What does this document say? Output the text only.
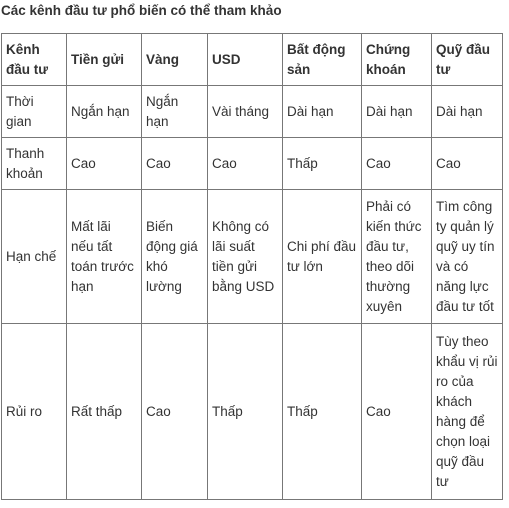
Các kênh đầu tư phổ biến có thể tham khảo
Kênh đầu tư	Tiền gửi	Vàng	USD	Bất động sản	Chứng khoán	Quỹ đầu tư
Thời gian	Ngắn hạn	Ngắn hạn	Vài tháng	Dài hạn	Dài hạn	Dài hạn
Thanh khoản	Cao	Cao	Cao	Thấp	Cao	Cao
Hạn chế	Mất lãi nếu tất toán trước hạn	Biến động giá khó lường	Không có lãi suất tiền gửi bằng USD	Chi phí đầu tư lớn	Phải có kiến thức đầu tư, theo dõi thường xuyên	Tìm công ty quản lý quỹ uy tín và có năng lực đầu tư tốt
Rủi ro	Rất thấp	Cao	Thấp	Thấp	Cao	Tùy theo khẩu vị rủi ro của khách hàng để chọn loại quỹ đầu tư
